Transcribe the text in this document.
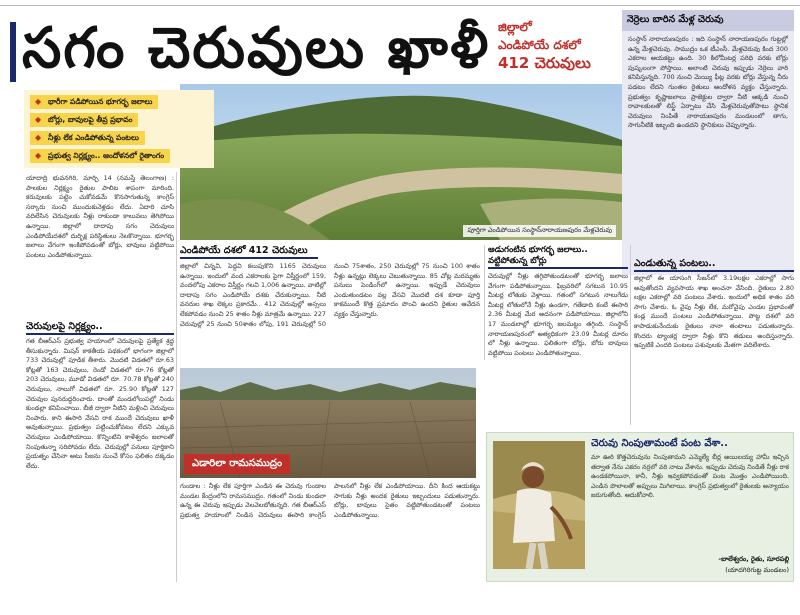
సగం చెరువులు ఖాళీ జిల్లాలో
ఎండిపోయే దశలో
412 చెరువులు
నెర్రెలు బారిన మేళ్ల చెరువు
సంస్థాన్ నారాయణపురం : ఇది సంస్థాన్ నారాయణపురం గుట్టల్లో ఉన్న మేళ్లచెరువు. సాముద్రం ఒక టీఎంసీ. మేళ్లచెరువు కింద 300 ఎకరాల ఆయకట్టు ఉంది. 30 కిలోమీటర్ల పరిధి వరకు బోర్లు పుష్కలంగా పోస్తాయి. అలాంటి చెరువు ఇప్పుడు నెర్రెలు వారి కనిపిస్తున్నది. 700 నుంచి మెయ్యి ఫీట్ల వరకు బోర్లు వేస్తున్న నీరు పడటం లేదని గుంతల రైతులు ఆందోళన వ్యక్తం చేస్తున్నారు. ప్రభుత్వం కృష్ణాజలాలు ప్రాజెక్టుల ద్వారా నీటి ఆక్కడి నుంచి రావాలకులతో లిఫ్ట్ ఏర్పాటు చేసి మేళ్లచెరువుతోపాటు స్థానిక చెరువులు నింపితే నారాయణపురం మండలంలో తాగు, సాగునీటికి ఇబ్బంది ఉండదని స్థానికులు చెప్పున్నారు.
పూర్తిగా ఎండిపోయిన సంస్థాన్‌నారాయణపురం మేళ్లచెరువు
◆ భారీగా పడిపోయిన భూగర్భ జలాలు
◆ బోర్లు, బావులపై తీవ్ర ప్రభావం
◆ నీళ్లు లేక ఎండిపోతున్న పంటలు
◆ ప్రభుత్వ నిర్లక్ష్యం.. ఆందోళనలో రైతాంగం
యాదాద్రి భువనగిరి, మార్చి 14 (నమస్తే తెలంగాణ) : పాలకుల నిర్లక్ష్యం రైతుల పాలిట శాపంగా మారింది. కరువులకు పట్టెం చుకోవడమే కొనసాగుతున్న కాంగ్రెస్ సర్కారు నుంచి ముందుకువెళ్లడం లేదు. ఏదారి చూసి వదిలేసిన చెరువులకు నీళ్లు రాకుండా కాలువలు తెగిపోయి ఉన్నాయి. జిల్లాలో దాదాపు సగం చెరువులు ఎండిపోయేదశలో దుర్భిక్ష పరిస్థితులు నెలకొన్నాయి. భూగర్భ జలాలు వేగంగా ఇంకిపోవడంతో బోర్లు, బావులు వట్టిపోయి పంటలు ఎండిపోతున్నాయి.
చెరువులపై నిర్లక్ష్యం..
గత బీఆర్ఎస్ ప్రభుత్వ హయాంలో చెరువులపై ప్రత్యేక శ్రద్ధ తీసుకున్నారు. మిషన్ కాకతీయ పథకంలో భాగంగా జిల్లాలో 733 చెరువుల్లో పూడిక తీశారు. మొదటి విడతలో రూ.63 కోట్లతో 163 చెరువులు, రెండో విడతలో రూ.76 కోట్లతో 203 చెరువులు, మూడో విడతలో రూ. 70.78 కోట్లతో 240 చెరువులు, నాలుగో విడతలో రూ. 25.90 కోట్లతో 127 చెరువుల పునరుద్ధరించారు. దాంతో మండలోలుపల్లో నిండు కుండల్లా కనిపించాయి. బీజీ ద్వారా నీటిని మళ్లించి చెరువులు నింపారు. కాని ఈసారి వేసవి రాక ముందే చెరువులు ఖాళీ అవుతున్నాయి. ప్రభుత్వం పట్టించుకోవటం లేదని ఎక్కువ చెరువులు ఎండిపోయాయి. కొన్నింటిని కాళేశ్వరం జలాలతో నింపుతున్నా సరిపోవడం లేదు. చెరువుల్లో పనులు పూర్తికాని ప్రయత్నం చేసినా అటు సీజను నుంచే కోసం ఫలితం దక్కడం లేదు.
ఎండిపోయే దశలో 412 చెరువులు
జిల్లాలో చిన్నవి, పెద్దవి కలుపుకొని 1165 చెరువులు ఉన్నాయి. ఇందులో వంద ఎకరాలకు పైగా విస్తీర్ణంలో 159, వందలోపు ఎకరాల విస్తీర్ణం గలవి 1,006 ఉన్నాయి. వాటిల్లో దాదాపు సగం ఎండిపోయే దశకు చేరుకున్నాయి. నీటి వనరుల శాఖ లెక్కల ప్రకారమే.. 412 చెరువుల్లో అస్సలు లేకపోవడం నుంచి 25 శాతం నీళ్లు మాత్రమే ఉన్నాయి. 227 చెరువుల్లో 25 నుంచి 50శాతం లోపు, 191 చెరువుల్లో 50 నుంచి 75శాతం, 250 చెరువుల్లో 75 నుంచి 100 శాతం నీళ్లు ఉన్నట్లు లెక్కలు చెబుతున్నాయి. 85 చోట్ల మరమ్మతు పనులు పెండింగ్‌లో ఉన్నాయి. ఇప్పుడే చెరువులు ఎండుతుండటం వల్ల వేసవి మొదటి దశ కూడా పూర్తి కాకముందే కొత్త ప్రమాదం పొంచి ఉందని రైతుల ఆవేదన వ్యక్తం చేస్తున్నారు.
అడుగంటిన భూగర్భ జలాలు.. వట్టిపోతున్న బోర్లు
చెరువుల్లో నీళ్లు తగ్గిపోతుండటంతో భూగర్భ జలాలు వేగంగా పడిపోతున్నాయి. ఫిబ్రవరిలో సగటున 10.95 మీటర్ల లోతుకు వెళ్లాయి. గతంలో సగటున నాలుగేడు మీటర్ల లోతులోనే నీళ్లు ఉండగా, గతేడాది కంటే ఈసారి 2.36 మీటర్ల మేర అదనంగా పడిపోయాయి. జిల్లాలోని 17 మండలాల్లో భూగర్భ జలమట్టం తగ్గింది. సంస్థాన్ నారాయణపురంలో అత్యధికంగా 23.09 మీటర్ల దూరం లో నీళ్లు ఉన్నాయి. ఫలితంగా బోర్లు, బోరు బావులు వట్టిపోయి పంటలు ఎండిపోతున్నాయి.
ఎండుతున్న పంటలు..
జిల్లాలో ఈ యాసంగి సీజన్‌లో 3.19లక్షల ఎకరాల్లో సాగు అవుతోందని వ్యవసాయ శాఖ అంచనా వేసింది. రైతులు 2.80 లక్షల ఎకరాల్లో వరి పంటలు వేశారు. ఇందులో అధిక శాతం వరి సాగు చేశారు. ఓ వైపు నీళ్లు లేక, మరోవైపు ఎండల ప్రభావంతో కండ్ల ముందే పంటలు ఎండిపోతున్నాయి. పొట్ట దశలో వరి కాపాడుకునేందుకు రైతులు నానా తంటాలు పడుతున్నారు. కొందరు ట్యాంకర్ల ద్వారా నీళ్లు కొని తడులు అందిస్తున్నారు. ఇప్పటికే ఎందరి పంటలు పశువులకు మేతగా వదిలేశారు.
ఎడారిలా రామసముద్రం
గుండాల : నీళ్లు లేక పూర్తిగా ఎండిన ఈ చెరువు గుండాల మండల కేంద్రంలోని రామసముద్రం. గతంలో నిండు కుండలా ఉన్న ఈ చెరువు ఇప్పుడు వెలవెలబోతున్నది. గత బీఆర్ఎస్ ప్రభుత్వ హయాంలో నిండిన చెరువులు ఈసారి కాంగ్రెస్ పాలనలో నీళ్లు లేక ఎండిపోయాయి. దీని కింద ఆయకట్టు సాగుకు నీళ్లు అందక రైతులు ఇబ్బందులు పడుతున్నారు. బోర్లు, బావులు సైతం వట్టిపోతుండటంతో పంటలు ఎండిపోతున్నాయి.
చెరువు నింపుతామంటే పంట వేశా..
మా ఊరి కొత్తచెరువును నింపుతామని ఎమ్మెల్యే బీర్ల అయిలయ్య హామీ ఇచ్చిన తర్వాత నేను ఎకరం నర్రలో వరి నాటు వేశాను. ఇప్పుడు చెరువు నిండితే నీళ్లు రాక ఉండకపోయినా, కానీ, నీళ్లు ఇవ్వకపోవడంతో పంట మొత్తం ఎండిపోయింది. ఎండిన పొలాలతో అప్పులు మిగిలాయి. కాంగ్రెస్ ప్రభుత్వంలో రైతులకు అన్యాయం జరుగుతోంది. ఆదుకోవాలి.
-బాలేశ్వరం, రైతు, సూరపల్లి
(యాదగిరిగుట్ట మండలం)
